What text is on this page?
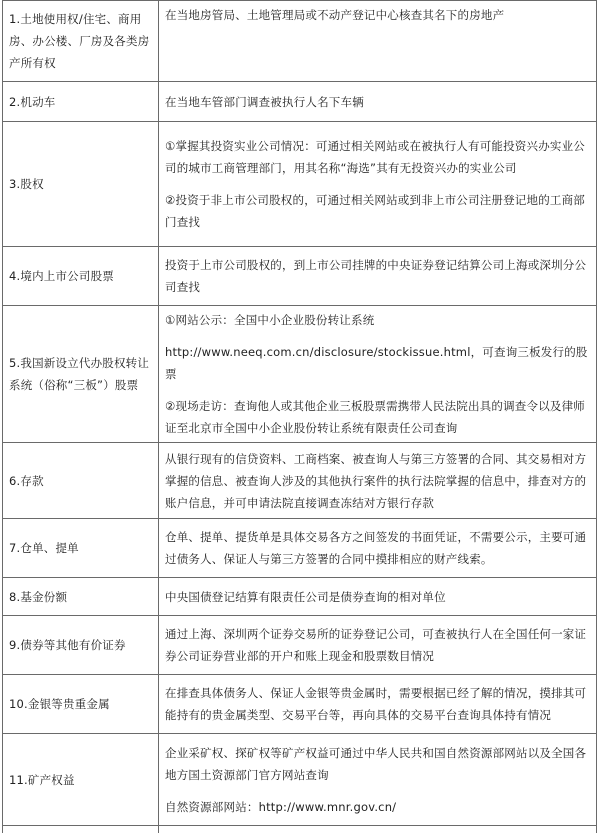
1.土地使用权/住宅、商用房、办公楼、厂房及各类房产所有权	在当地房管局、土地管理局或不动产登记中心核查其名下的房地产

2.机动车	在当地车管部门调查被执行人名下车辆

3.股权	①掌握其投资实业公司情况：可通过相关网站或在被执行人有可能投资兴办实业公司的城市工商管理部门，用其名称“海选”其有无投资兴办的实业公司
②投资于非上市公司股权的，可通过相关网站或到非上市公司注册登记地的工商部门查找

4.境内上市公司股票	投资于上市公司股权的，到上市公司挂牌的中央证券登记结算公司上海或深圳分公司查找

5.我国新设立代办股权转让系统（俗称“三板”）股票	①网站公示：全国中小企业股份转让系统
http://www.neeq.com.cn/disclosure/stockissue.html，可查询三板发行的股票
②现场走访：查询他人或其他企业三板股票需携带人民法院出具的调查令以及律师证至北京市全国中小企业股份转让系统有限责任公司查询

6.存款	从银行现有的信贷资料、工商档案、被查询人与第三方签署的合同、其交易相对方掌握的信息、被查询人涉及的其他执行案件的执行法院掌握的信息中，排查对方的账户信息，并可申请法院直接调查冻结对方银行存款

7.仓单、提单	仓单、提单、提货单是具体交易各方之间签发的书面凭证，不需要公示，主要可通过债务人、保证人与第三方签署的合同中摸排相应的财产线索。

8.基金份额	中央国债登记结算有限责任公司是债券查询的相对单位

9.债券等其他有价证券	通过上海、深圳两个证券交易所的证券登记公司，可查被执行人在全国任何一家证券公司证券营业部的开户和账上现金和股票数目情况

10.金银等贵重金属	在排查具体债务人、保证人金银等贵金属时，需要根据已经了解的情况，摸排其可能持有的贵金属类型、交易平台等，再向具体的交易平台查询具体持有情况

11.矿产权益	企业采矿权、探矿权等矿产权益可通过中华人民共和国自然资源部网站以及全国各地方国土资源部门官方网站查询
自然资源部网站：http://www.mnr.gov.cn/
